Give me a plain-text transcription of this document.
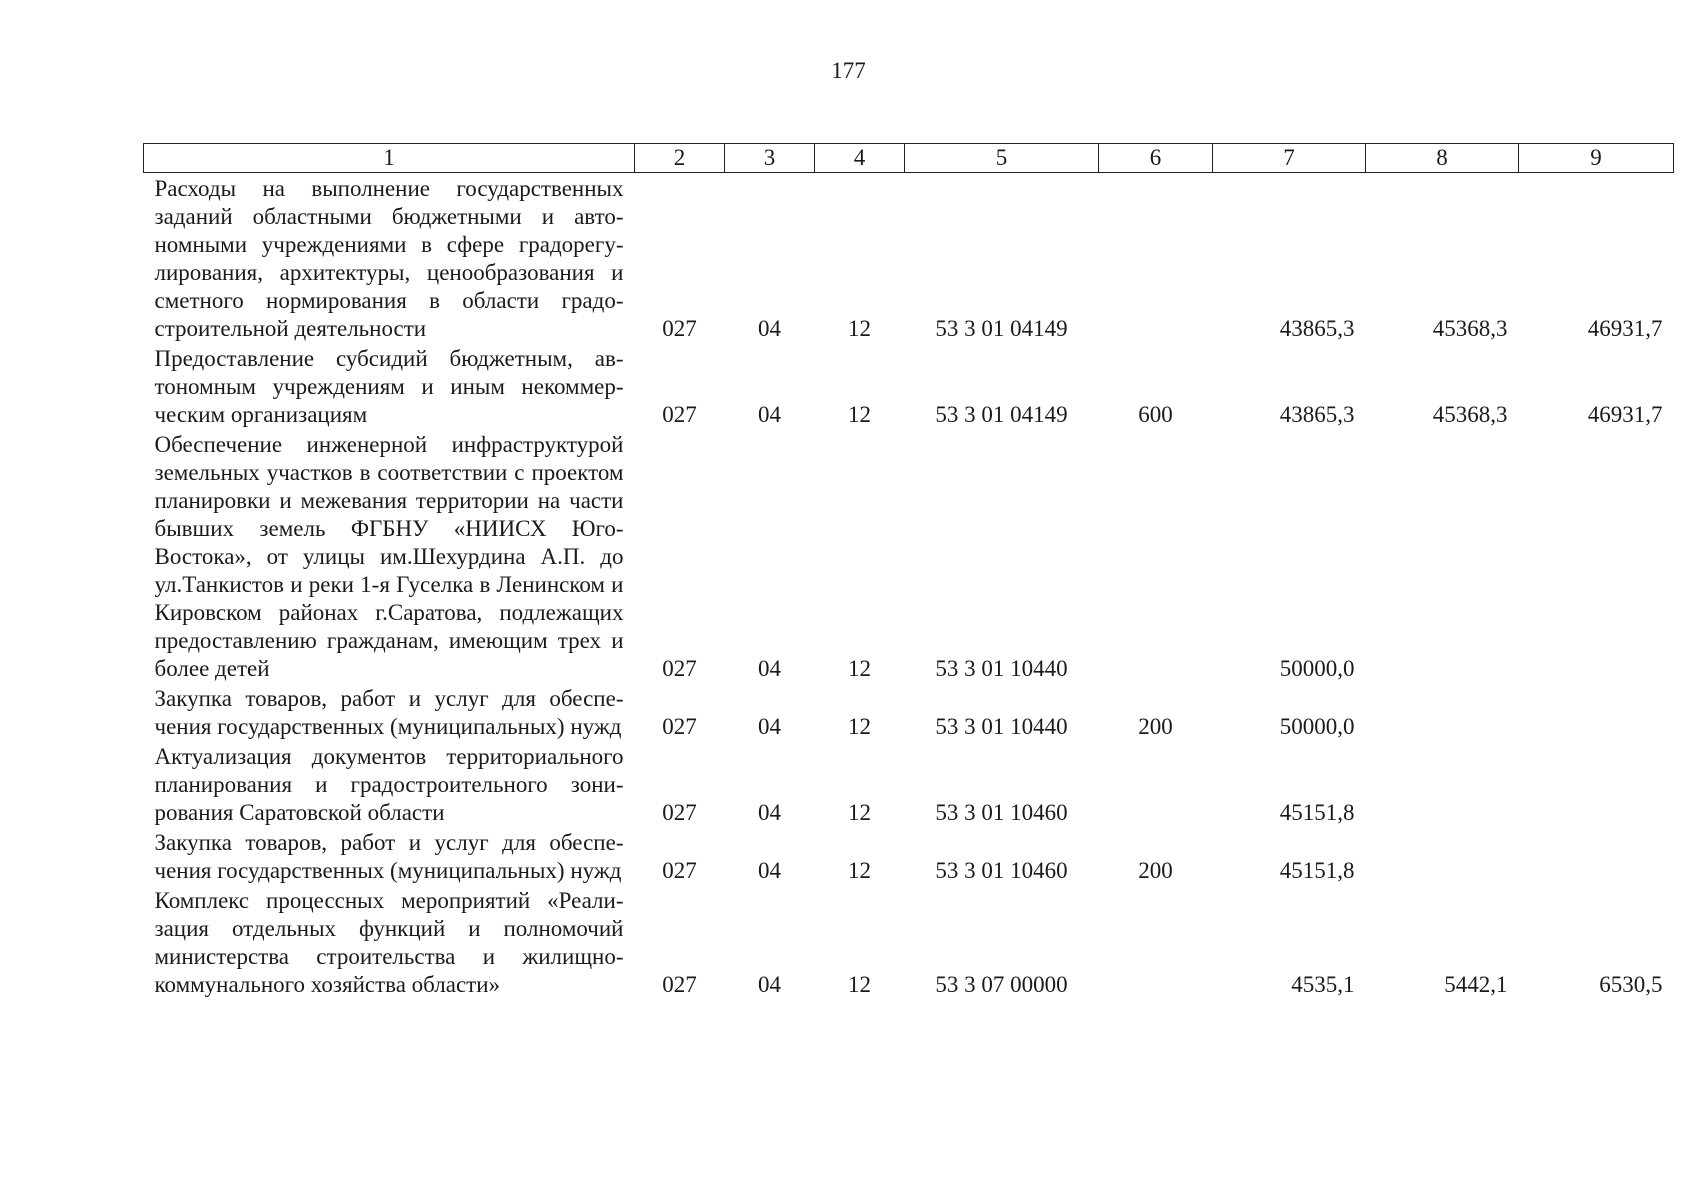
177
1	2	3	4	5	6	7	8	9
Расходы на выполнение государственных заданий областными бюджетными и автономными учреждениями в сфере градорегулирования, архитектуры, ценообразования и сметного нормирования в области градостроительной деятельности	027	04	12	53 3 01 04149		43865,3	45368,3	46931,7
Предоставление субсидий бюджетным, автономным учреждениям и иным некоммерческим организациям	027	04	12	53 3 01 04149	600	43865,3	45368,3	46931,7
Обеспечение инженерной инфраструктурой земельных участков в соответствии с проектом планировки и межевания территории на части бывших земель ФГБНУ «НИИСХ Юго-Востока», от улицы им.Шехурдина А.П. до ул.Танкистов и реки 1-я Гуселка в Ленинском и Кировском районах г.Саратова, подлежащих предоставлению гражданам, имеющим трех и более детей	027	04	12	53 3 01 10440		50000,0		
Закупка товаров, работ и услуг для обеспечения государственных (муниципальных) нужд	027	04	12	53 3 01 10440	200	50000,0		
Актуализация документов территориального планирования и градостроительного зонирования Саратовской области	027	04	12	53 3 01 10460		45151,8		
Закупка товаров, работ и услуг для обеспечения государственных (муниципальных) нужд	027	04	12	53 3 01 10460	200	45151,8		
Комплекс процессных мероприятий «Реализация отдельных функций и полномочий министерства строительства и жилищно-коммунального хозяйства области»	027	04	12	53 3 07 00000		4535,1	5442,1	6530,5
